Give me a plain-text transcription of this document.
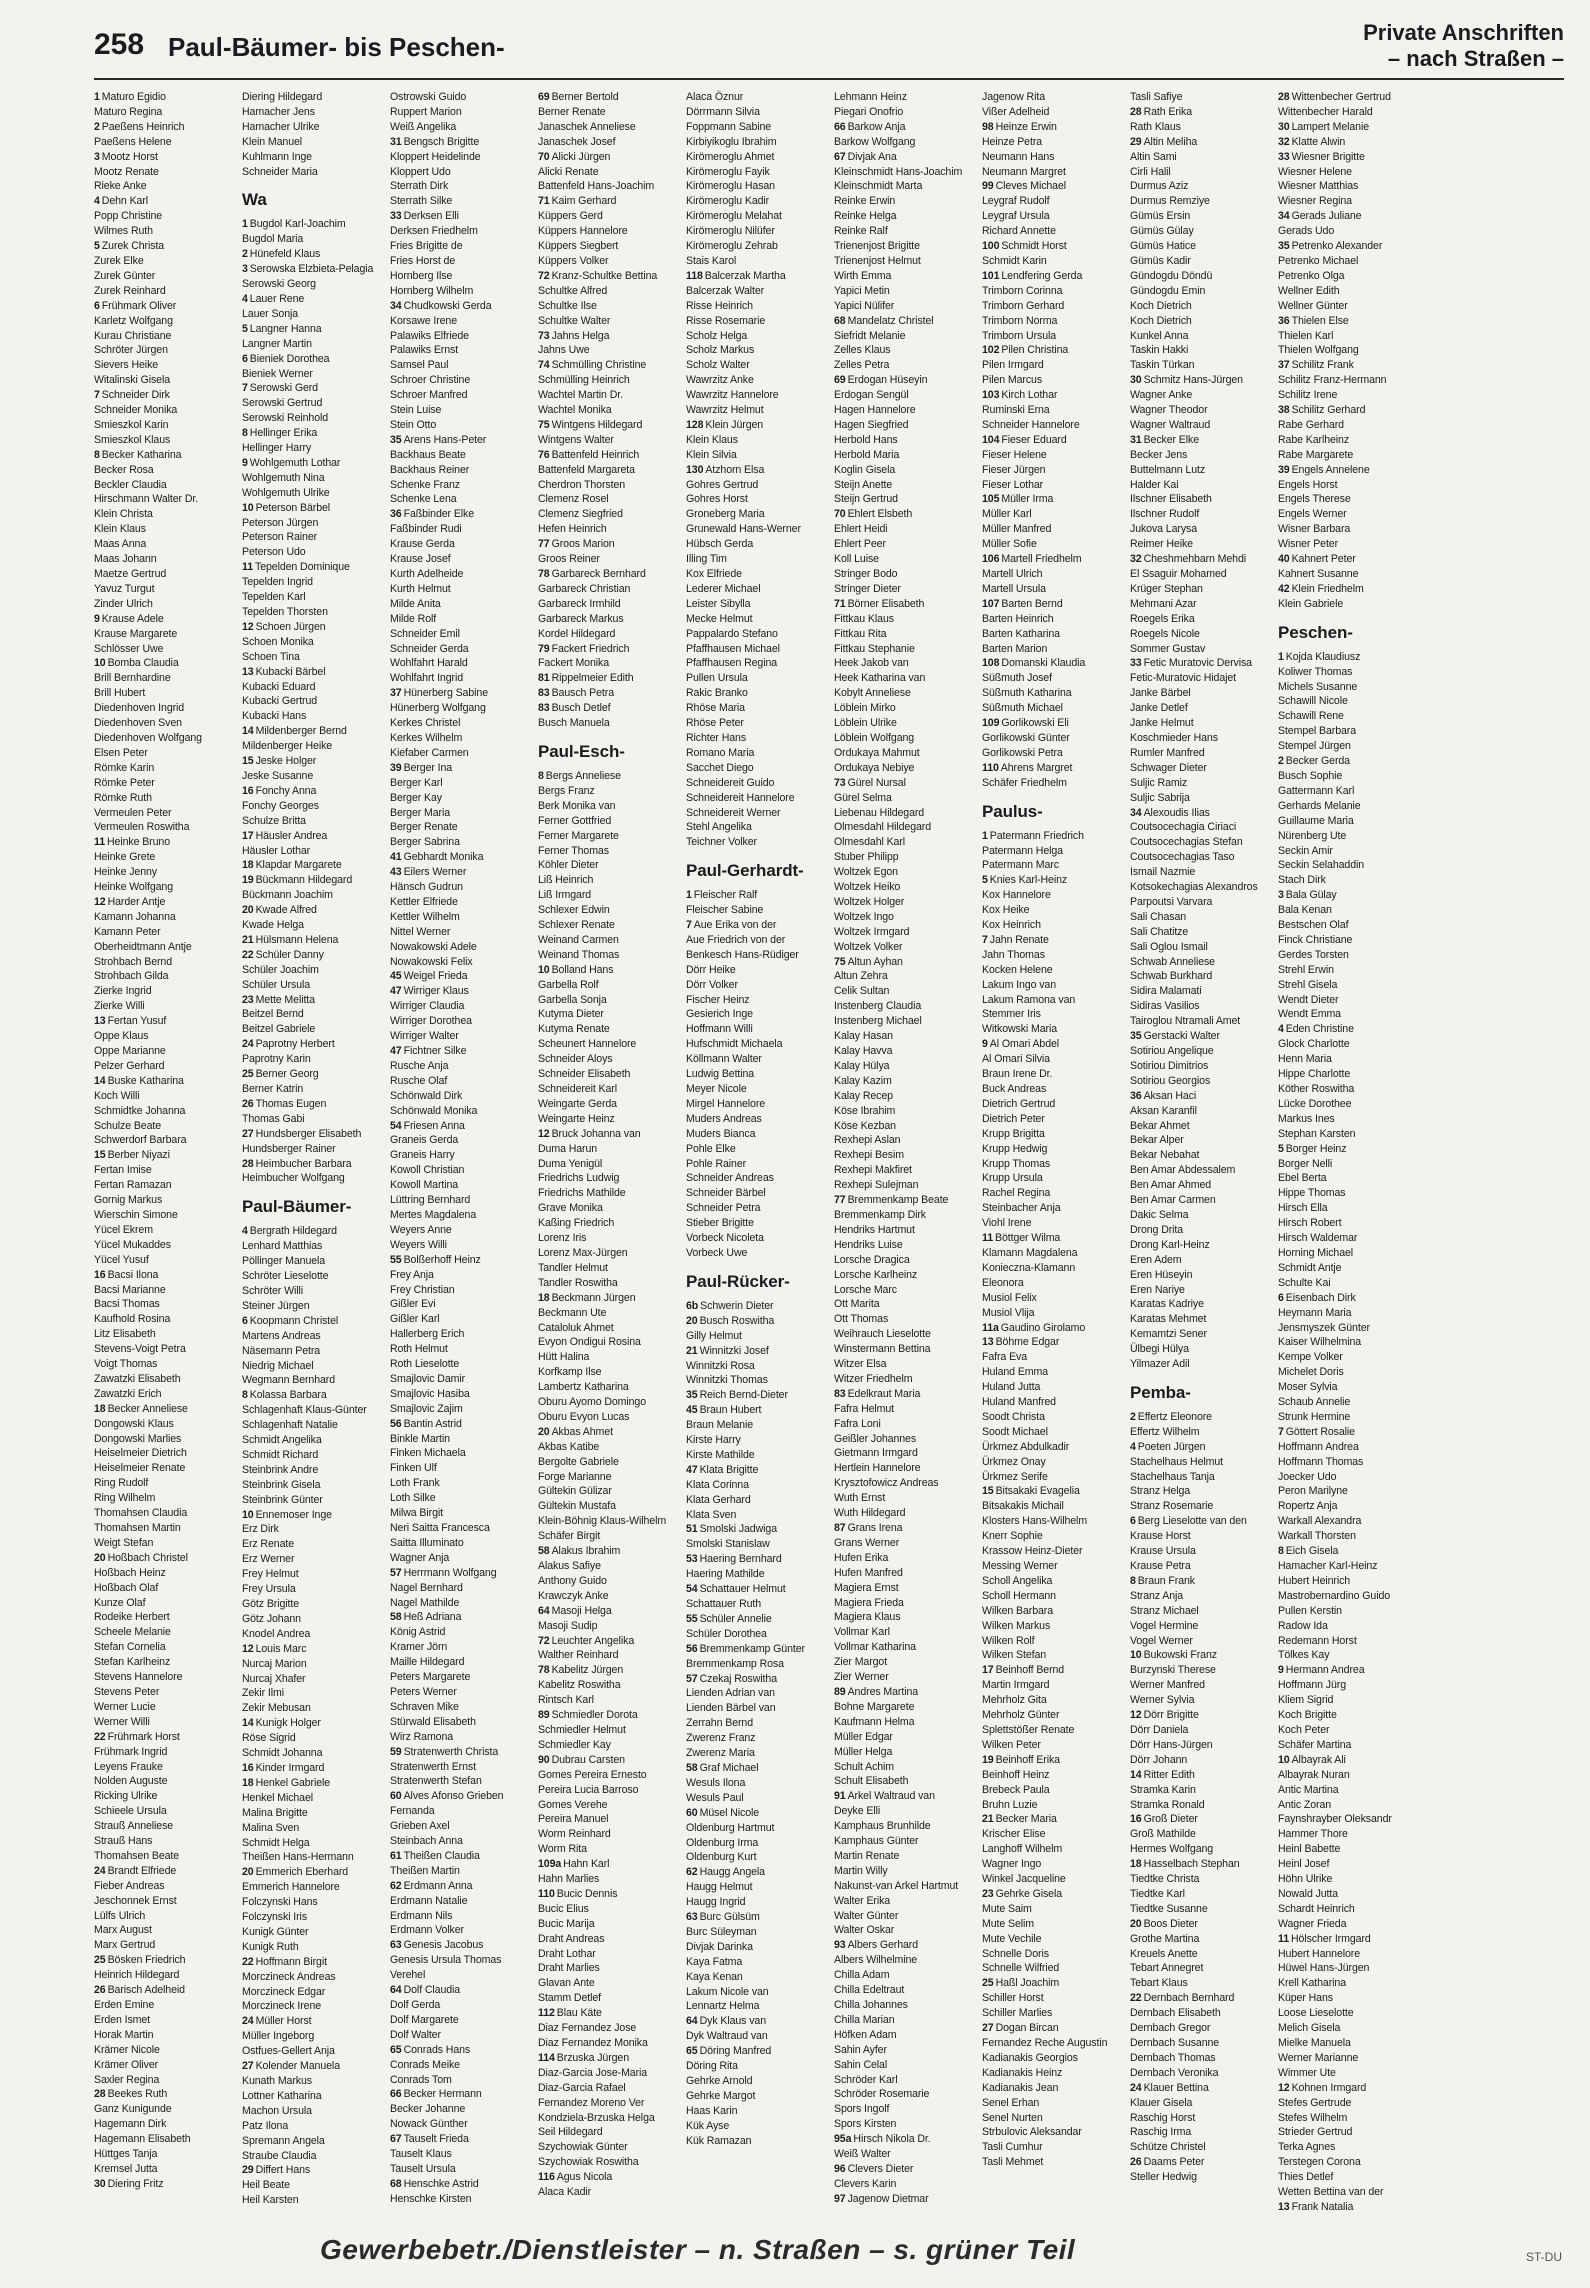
258 Paul-Bäumer- bis Peschen-	Private Anschriften
– nach Straßen –
1 Maturo Egidio
Maturo Regina
2 Paeßens Heinrich
Paeßens Helene
3 Mootz Horst
Mootz Renate
Rieke Anke
4 Dehn Karl
Popp Christine
Wilmes Ruth
5 Zurek Christa
Zurek Elke
Zurek Günter
Zurek Reinhard
6 Frühmark Oliver
Karletz Wolfgang
Kurau Christiane
Schröter Jürgen
Sievers Heike
Witalinski Gisela
7 Schneider Dirk
Schneider Monika
Smieszkol Karin
Smieszkol Klaus
8 Becker Katharina
Becker Rosa
Beckler Claudia
Hirschmann Walter Dr.
Klein Christa
Klein Klaus
Maas Anna
Maas Johann
Maetze Gertrud
Yavuz Turgut
Zinder Ulrich
9 Krause Adele
Krause Margarete
Schlösser Uwe
10 Bomba Claudia
Brill Bernhardine
Brill Hubert
Diedenhoven Ingrid
Diedenhoven Sven
Diedenhoven Wolfgang
Elsen Peter
Römke Karin
Römke Peter
Römke Ruth
Vermeulen Peter
Vermeulen Roswitha
11 Heinke Bruno
Heinke Grete
Heinke Jenny
Heinke Wolfgang
12 Harder Antje
Kamann Johanna
Kamann Peter
Oberheidtmann Antje
Strohbach Bernd
Strohbach Gilda
Zierke Ingrid
Zierke Willi
13 Fertan Yusuf
Oppe Klaus
Oppe Marianne
Pelzer Gerhard
14 Buske Katharina
Koch Willi
Schmidtke Johanna
Schulze Beate
Schwerdorf Barbara
15 Berber Niyazi
Fertan Imise
Fertan Ramazan
Gornig Markus
Wierschin Simone
Yücel Ekrem
Yücel Mukaddes
Yücel Yusuf
16 Bacsi Ilona
Bacsi Marianne
Bacsi Thomas
Kaufhold Rosina
Litz Elisabeth
Stevens-Voigt Petra
Voigt Thomas
Zawatzki Elisabeth
Zawatzki Erich
18 Becker Anneliese
Dongowski Klaus
Dongowski Marlies
Heiselmeier Dietrich
Heiselmeier Renate
Ring Rudolf
Ring Wilhelm
Thomahsen Claudia
Thomahsen Martin
Weigt Stefan
20 Hoßbach Christel
Hoßbach Heinz
Hoßbach Olaf
Kunze Olaf
Rodeike Herbert
Scheele Melanie
Stefan Cornelia
Stefan Karlheinz
Stevens Hannelore
Stevens Peter
Werner Lucie
Werner Willi
22 Frühmark Horst
Frühmark Ingrid
Leyens Frauke
Nolden Auguste
Ricking Ulrike
Schieele Ursula
Strauß Anneliese
Strauß Hans
Thomahsen Beate
24 Brandt Elfriede
Fieber Andreas
Jeschonnek Ernst
Lülfs Ulrich
Marx August
Marx Gertrud
25 Bösken Friedrich
Heinrich Hildegard
26 Barisch Adelheid
Erden Emine
Erden Ismet
Horak Martin
Krämer Nicole
Krämer Oliver
Saxler Regina
28 Beekes Ruth
Ganz Kunigunde
Hagemann Dirk
Hagemann Elisabeth
Hüttges Tanja
Kremsel Jutta
30 Diering Fritz
Diering Hildegard
Hamacher Jens
Hamacher Ulrike
Klein Manuel
Kuhlmann Inge
Schneider Maria
Wa
1 Bugdol Karl-Joachim
Bugdol Maria
2 Hünefeld Klaus
3 Serowska Elzbieta-Pelagia
Serowski Georg
4 Lauer Rene
Lauer Sonja
5 Langner Hanna
Langner Martin
6 Bieniek Dorothea
Bieniek Werner
7 Serowski Gerd
Serowski Gertrud
Serowski Reinhold
8 Hellinger Erika
Hellinger Harry
9 Wohlgemuth Lothar
Wohlgemuth Nina
Wohlgemuth Ulrike
10 Peterson Bärbel
Peterson Jürgen
Peterson Rainer
Peterson Udo
11 Tepelden Dominique
Tepelden Ingrid
Tepelden Karl
Tepelden Thorsten
12 Schoen Jürgen
Schoen Monika
Schoen Tina
13 Kubacki Bärbel
Kubacki Eduard
Kubacki Gertrud
Kubacki Hans
14 Mildenberger Bernd
Mildenberger Heike
15 Jeske Holger
Jeske Susanne
16 Fonchy Anna
Fonchy Georges
Schulze Britta
17 Häusler Andrea
Häusler Lothar
18 Klapdar Margarete
19 Bückmann Hildegard
Bückmann Joachim
20 Kwade Alfred
Kwade Helga
21 Hülsmann Helena
22 Schüler Danny
Schüler Joachim
Schüler Ursula
23 Mette Melitta
Beitzel Bernd
Beitzel Gabriele
24 Paprotny Herbert
Paprotny Karin
25 Berner Georg
Berner Katrin
26 Thomas Eugen
Thomas Gabi
27 Hundsberger Elisabeth
Hundsberger Rainer
28 Heimbucher Barbara
Heimbucher Wolfgang
Paul-Bäumer-
4 Bergrath Hildegard
Lenhard Matthias
Pöllinger Manuela
Schröter Lieselotte
Schröter Willi
Steiner Jürgen
6 Koopmann Christel
Martens Andreas
Näsemann Petra
Niedrig Michael
Wegmann Bernhard
8 Kolassa Barbara
Schlagenhaft Klaus-Günter
Schlagenhaft Natalie
Schmidt Angelika
Schmidt Richard
Steinbrink Andre
Steinbrink Gisela
Steinbrink Günter
10 Ennemoser Inge
Erz Dirk
Erz Renate
Erz Werner
Frey Helmut
Frey Ursula
Götz Brigitte
Götz Johann
Knodel Andrea
12 Louis Marc
Nurcaj Marion
Nurcaj Xhafer
Zekir Ilmi
Zekir Mebusan
14 Kunigk Holger
Röse Sigrid
Schmidt Johanna
16 Kinder Irmgard
18 Henkel Gabriele
Henkel Michael
Malina Brigitte
Malina Sven
Schmidt Helga
Theißen Hans-Hermann
20 Emmerich Eberhard
Emmerich Hannelore
Folczynski Hans
Folczynski Iris
Kunigk Günter
Kunigk Ruth
22 Hoffmann Birgit
Morczineck Andreas
Morczineck Edgar
Morczineck Irene
24 Müller Horst
Müller Ingeborg
Ostfues-Gellert Anja
27 Kolender Manuela
Kunath Markus
Lottner Katharina
Machon Ursula
Patz Ilona
Spremann Angela
Straube Claudia
29 Differt Hans
Heil Beate
Heil Karsten
Ostrowski Guido
Ruppert Marion
Weiß Angelika
31 Bengsch Brigitte
Kloppert Heidelinde
Kloppert Udo
Sterrath Dirk
Sterrath Silke
33 Derksen Elli
Derksen Friedhelm
Fries Brigitte de
Fries Horst de
Hornberg Ilse
Hornberg Wilhelm
34 Chudkowski Gerda
Korsawe Irene
Palawiks Elfriede
Palawiks Ernst
Samsel Paul
Schroer Christine
Schroer Manfred
Stein Luise
Stein Otto
35 Arens Hans-Peter
Backhaus Beate
Backhaus Reiner
Schenke Franz
Schenke Lena
36 Faßbinder Elke
Faßbinder Rudi
Krause Gerda
Krause Josef
Kurth Adelheide
Kurth Helmut
Milde Anita
Milde Rolf
Schneider Emil
Schneider Gerda
Wohlfahrt Harald
Wohlfahrt Ingrid
37 Hünerberg Sabine
Hünerberg Wolfgang
Kerkes Christel
Kerkes Wilhelm
Kiefaber Carmen
39 Berger Ina
Berger Karl
Berger Kay
Berger Maria
Berger Renate
Berger Sabrina
41 Gebhardt Monika
43 Eilers Werner
Hänsch Gudrun
Kettler Elfriede
Kettler Wilhelm
Nittel Werner
Nowakowski Adele
Nowakowski Felix
45 Weigel Frieda
47 Wirriger Klaus
Wirriger Claudia
Wirriger Dorothea
Wirriger Walter
47 Fichtner Silke
Rusche Anja
Rusche Olaf
Schönwald Dirk
Schönwald Monika
54 Friesen Anna
Graneis Gerda
Graneis Harry
Kowoll Christian
Kowoll Martina
Lüttring Bernhard
Mertes Magdalena
Weyers Anne
Weyers Willi
55 Bolßerhoff Heinz
Frey Anja
Frey Christian
Gißler Evi
Gißler Karl
Hallerberg Erich
Roth Helmut
Roth Lieselotte
Smajlovic Damir
Smajlovic Hasiba
Smajlovic Zajim
56 Bantin Astrid
Binkle Martin
Finken Michaela
Finken Ulf
Loth Frank
Loth Silke
Milwa Birgit
Neri Saitta Francesca
Saitta Illuminato
Wagner Anja
57 Herrmann Wolfgang
Nagel Bernhard
Nagel Mathilde
58 Heß Adriana
König Astrid
Kramer Jörn
Maille Hildegard
Peters Margarete
Peters Werner
Schraven Mike
Stürwald Elisabeth
Wirz Ramona
59 Stratenwerth Christa
Stratenwerth Ernst
Stratenwerth Stefan
60 Alves Afonso Grieben
Fernanda
Grieben Axel
Steinbach Anna
61 Theißen Claudia
Theißen Martin
62 Erdmann Anna
Erdmann Natalie
Erdmann Nils
Erdmann Volker
63 Genesis Jacobus
Genesis Ursula Thomas
Verehel
64 Dolf Claudia
Dolf Gerda
Dolf Margarete
Dolf Walter
65 Conrads Hans
Conrads Meike
Conrads Tom
66 Becker Hermann
Becker Johanne
Nowack Günther
67 Tauselt Frieda
Tauselt Klaus
Tauselt Ursula
68 Henschke Astrid
Henschke Kirsten
69 Berner Bertold
Berner Renate
Janaschek Anneliese
Janaschek Josef
70 Alicki Jürgen
Alicki Renate
Battenfeld Hans-Joachim
71 Kaim Gerhard
Küppers Gerd
Küppers Hannelore
Küppers Siegbert
Küppers Volker
72 Kranz-Schultke Bettina
Schultke Alfred
Schultke Ilse
Schultke Walter
73 Jahns Helga
Jahns Uwe
74 Schmülling Christine
Schmülling Heinrich
Wachtel Martin Dr.
Wachtel Monika
75 Wintgens Hildegard
Wintgens Walter
76 Battenfeld Heinrich
Battenfeld Margareta
Cherdron Thorsten
Clemenz Rosel
Clemenz Siegfried
Hefen Heinrich
77 Groos Marion
Groos Reiner
78 Garbareck Bernhard
Garbareck Christian
Garbareck Irmhild
Garbareck Markus
Kordel Hildegard
79 Fackert Friedrich
Fackert Monika
81 Rippelmeier Edith
83 Bausch Petra
83 Busch Detlef
Busch Manuela
Paul-Esch-
8 Bergs Anneliese
Bergs Franz
Berk Monika van
Ferner Gottfried
Ferner Margarete
Ferner Thomas
Köhler Dieter
Liß Heinrich
Liß Irmgard
Schlexer Edwin
Schlexer Renate
Weinand Carmen
Weinand Thomas
10 Bolland Hans
Garbella Rolf
Garbella Sonja
Kutyma Dieter
Kutyma Renate
Scheunert Hannelore
Schneider Aloys
Schneider Elisabeth
Schneidereit Karl
Weingarte Gerda
Weingarte Heinz
12 Bruck Johanna van
Duma Harun
Duma Yenigül
Friedrichs Ludwig
Friedrichs Mathilde
Grave Monika
Kaßing Friedrich
Lorenz Iris
Lorenz Max-Jürgen
Tandler Helmut
Tandler Roswitha
18 Beckmann Jürgen
Beckmann Ute
Cataloluk Ahmet
Evyon Ondigui Rosina
Hütt Halina
Korfkamp Ilse
Lambertz Katharina
Oburu Ayomo Domingo
Oburu Evyon Lucas
20 Akbas Ahmet
Akbas Katibe
Bergolte Gabriele
Forge Marianne
Gültekin Gülizar
Gültekin Mustafa
Klein-Böhnig Klaus-Wilhelm
Schäfer Birgit
58 Alakus Ibrahim
Alakus Safiye
Anthony Guido
Krawczyk Anke
64 Masoji Helga
Masoji Sudip
72 Leuchter Angelika
Walther Reinhard
78 Kabelitz Jürgen
Kabelitz Roswitha
Rintsch Karl
89 Schmiedler Dorota
Schmiedler Helmut
Schmiedler Kay
90 Dubrau Carsten
Gomes Pereira Ernesto
Pereira Lucia Barroso
Gomes Verehe
Pereira Manuel
Worm Reinhard
Worm Rita
109a Hahn Karl
Hahn Marlies
110 Bucic Dennis
Bucic Elius
Bucic Marija
Draht Andreas
Draht Lothar
Draht Marlies
Glavan Ante
Stamm Detlef
112 Blau Käte
Diaz Fernandez Jose
Diaz Fernandez Monika
114 Brzuska Jürgen
Diaz-Garcia Jose-Maria
Diaz-Garcia Rafael
Fernandez Moreno Ver
Kondziela-Brzuska Helga
Seil Hildegard
Szychowiak Günter
Szychowiak Roswitha
116 Agus Nicola
Alaca Kadir
Alaca Öznur
Dörrmann Silvia
Foppmann Sabine
Kirbiyikoglu Ibrahim
Kirömeroglu Ahmet
Kirömeroglu Fayik
Kirömeroglu Hasan
Kirömeroglu Kadir
Kirömeroglu Melahat
Kirömeroglu Nilüfer
Kirömeroglu Zehrab
Stais Karol
118 Balcerzak Martha
Balcerzak Walter
Risse Heinrich
Risse Rosemarie
Scholz Helga
Scholz Markus
Scholz Walter
Wawrzitz Anke
Wawrzitz Hannelore
Wawrzitz Helmut
128 Klein Jürgen
Klein Klaus
Klein Silvia
130 Atzhorn Elsa
Gohres Gertrud
Gohres Horst
Groneberg Maria
Grunewald Hans-Werner
Hübsch Gerda
Illing Tim
Kox Elfriede
Lederer Michael
Leister Sibylla
Mecke Helmut
Pappalardo Stefano
Pfaffhausen Michael
Pfaffhausen Regina
Pullen Ursula
Rakic Branko
Rhöse Maria
Rhöse Peter
Richter Hans
Romano Maria
Sacchet Diego
Schneidereit Guido
Schneidereit Hannelore
Schneidereit Werner
Stehl Angelika
Teichner Volker
Paul-Gerhardt-
1 Fleischer Ralf
Fleischer Sabine
7 Aue Erika von der
Aue Friedrich von der
Benkesch Hans-Rüdiger
Dörr Heike
Dörr Volker
Fischer Heinz
Gesierich Inge
Hoffmann Willi
Hufschmidt Michaela
Köllmann Walter
Ludwig Bettina
Meyer Nicole
Mirgel Hannelore
Muders Andreas
Muders Bianca
Pohle Elke
Pohle Rainer
Schneider Andreas
Schneider Bärbel
Schneider Petra
Stieber Brigitte
Vorbeck Nicoleta
Vorbeck Uwe
Paul-Rücker-
6b Schwerin Dieter
20 Busch Roswitha
Gilly Helmut
21 Winnitzki Josef
Winnitzki Rosa
Winnitzki Thomas
35 Reich Bernd-Dieter
45 Braun Hubert
Braun Melanie
Kirste Harry
Kirste Mathilde
47 Klata Brigitte
Klata Corinna
Klata Gerhard
Klata Sven
51 Smolski Jadwiga
Smolski Stanislaw
53 Haering Bernhard
Haering Mathilde
54 Schattauer Helmut
Schattauer Ruth
55 Schüler Annelie
Schüler Dorothea
56 Bremmenkamp Günter
Bremmenkamp Rosa
57 Czekaj Roswitha
Lienden Adrian van
Lienden Bärbel van
Zerrahn Bernd
Zwerenz Franz
Zwerenz Maria
58 Graf Michael
Wesuls Ilona
Wesuls Paul
60 Müsel Nicole
Oldenburg Hartmut
Oldenburg Irma
Oldenburg Kurt
62 Haugg Angela
Haugg Helmut
Haugg Ingrid
63 Burc Gülsüm
Burc Süleyman
Divjak Darinka
Kaya Fatma
Kaya Kenan
Lakum Nicole van
Lennartz Helma
64 Dyk Klaus van
Dyk Waltraud van
65 Döring Manfred
Döring Rita
Gehrke Arnold
Gehrke Margot
Haas Karin
Kük Ayse
Kük Ramazan
Lehmann Heinz
Piegari Onofrio
66 Barkow Anja
Barkow Wolfgang
67 Divjak Ana
Kleinschmidt Hans-Joachim
Kleinschmidt Marta
Reinke Erwin
Reinke Helga
Reinke Ralf
Trienenjost Brigitte
Trienenjost Helmut
Wirth Emma
Yapici Metin
Yapici Nülifer
68 Mandelatz Christel
Siefridt Melanie
Zelles Klaus
Zelles Petra
69 Erdogan Hüseyin
Erdogan Sengül
Hagen Hannelore
Hagen Siegfried
Herbold Hans
Herbold Maria
Koglin Gisela
Steijn Anette
Steijn Gertrud
70 Ehlert Elsbeth
Ehlert Heidi
Ehlert Peer
Koll Luise
Stringer Bodo
Stringer Dieter
71 Börner Elisabeth
Fittkau Klaus
Fittkau Rita
Fittkau Stephanie
Heek Jakob van
Heek Katharina van
Kobylt Anneliese
Löblein Mirko
Löblein Ulrike
Löblein Wolfgang
Ordukaya Mahmut
Ordukaya Nebiye
73 Gürel Nursal
Gürel Selma
Liebenau Hildegard
Olmesdahl Hildegard
Olmesdahl Karl
Stuber Philipp
Woltzek Egon
Woltzek Heiko
Woltzek Holger
Woltzek Ingo
Woltzek Irmgard
Woltzek Volker
75 Altun Ayhan
Altun Zehra
Celik Sultan
Instenberg Claudia
Instenberg Michael
Kalay Hasan
Kalay Havva
Kalay Hülya
Kalay Kazim
Kalay Recep
Köse Ibrahim
Köse Kezban
Rexhepi Aslan
Rexhepi Besim
Rexhepi Makfiret
Rexhepi Sulejman
77 Bremmenkamp Beate
Bremmenkamp Dirk
Hendriks Hartmut
Hendriks Luise
Lorsche Dragica
Lorsche Karlheinz
Lorsche Marc
Ott Marita
Ott Thomas
Weihrauch Lieselotte
Winstermann Bettina
Witzer Elsa
Witzer Friedhelm
83 Edelkraut Maria
Fafra Helmut
Fafra Loni
Geißler Johannes
Gietmann Irmgard
Hertlein Hannelore
Krysztofowicz Andreas
Wuth Ernst
Wuth Hildegard
87 Grans Irena
Grans Werner
Hufen Erika
Hufen Manfred
Magiera Ernst
Magiera Frieda
Magiera Klaus
Vollmar Karl
Vollmar Katharina
Zier Margot
Zier Werner
89 Andres Martina
Bohne Margarete
Kaufmann Helma
Müller Edgar
Müller Helga
Schult Achim
Schult Elisabeth
91 Arkel Waltraud van
Deyke Elli
Kamphaus Brunhilde
Kamphaus Günter
Martin Renate
Martin Willy
Nakunst-van Arkel Hartmut
Walter Erika
Walter Günter
Walter Oskar
93 Albers Gerhard
Albers Wilhelmine
Chilla Adam
Chilla Edeltraut
Chilla Johannes
Chilla Marian
Höfken Adam
Sahin Ayfer
Sahin Celal
Schröder Karl
Schröder Rosemarie
Spors Ingolf
Spors Kirsten
95a Hirsch Nikola Dr.
Weiß Walter
96 Clevers Dieter
Clevers Karin
97 Jagenow Dietmar
Jagenow Rita
Vißer Adelheid
98 Heinze Erwin
Heinze Petra
Neumann Hans
Neumann Margret
99 Cleves Michael
Leygraf Rudolf
Leygraf Ursula
Richard Annette
100 Schmidt Horst
Schmidt Karin
101 Lendfering Gerda
Trimborn Corinna
Trimborn Gerhard
Trimborn Norma
Trimborn Ursula
102 Pilen Christina
Pilen Irmgard
Pilen Marcus
103 Kirch Lothar
Ruminski Erna
Schneider Hannelore
104 Fieser Eduard
Fieser Helene
Fieser Jürgen
Fieser Lothar
105 Müller Irma
Müller Karl
Müller Manfred
Müller Sofie
106 Martell Friedhelm
Martell Ulrich
Martell Ursula
107 Barten Bernd
Barten Heinrich
Barten Katharina
Barten Marion
108 Domanski Klaudia
Süßmuth Josef
Süßmuth Katharina
Süßmuth Michael
109 Gorlikowski Eli
Gorlikowski Günter
Gorlikowski Petra
110 Ahrens Margret
Schäfer Friedhelm
Paulus-
1 Patermann Friedrich
Patermann Helga
Patermann Marc
5 Knies Karl-Heinz
Kox Hannelore
Kox Heike
Kox Heinrich
7 Jahn Renate
Jahn Thomas
Kocken Helene
Lakum Ingo van
Lakum Ramona van
Stemmer Iris
Witkowski Maria
9 Al Omari Abdel
Al Omari Silvia
Braun Irene Dr.
Buck Andreas
Dietrich Gertrud
Dietrich Peter
Krupp Brigitta
Krupp Hedwig
Krupp Thomas
Krupp Ursula
Rachel Regina
Steinbacher Anja
Viohl Irene
11 Böttger Wilma
Klamann Magdalena
Konieczna-Klamann
Eleonora
Musiol Felix
Musiol Vlija
11a Gaudino Girolamo
13 Böhme Edgar
Fafra Eva
Huland Emma
Huland Jutta
Huland Manfred
Soodt Christa
Soodt Michael
Ürkmez Abdulkadir
Ürkmez Onay
Ürkmez Serife
15 Bitsakaki Evagelia
Bitsakakis Michail
Klosters Hans-Wilhelm
Knerr Sophie
Krassow Heinz-Dieter
Messing Werner
Scholl Angelika
Scholl Hermann
Wilken Barbara
Wilken Markus
Wilken Rolf
Wilken Stefan
17 Beinhoff Bernd
Martin Irmgard
Mehrholz Gita
Mehrholz Günter
Splettstößer Renate
Wilken Peter
19 Beinhoff Erika
Beinhoff Heinz
Brebeck Paula
Bruhn Luzie
21 Becker Maria
Krischer Elise
Langhoff Wilhelm
Wagner Ingo
Winkel Jacqueline
23 Gehrke Gisela
Mute Saim
Mute Selim
Mute Vechile
Schnelle Doris
Schnelle Wilfried
25 Haßl Joachim
Schiller Horst
Schiller Marlies
27 Dogan Bircan
Fernandez Reche Augustin
Kadianakis Georgios
Kadianakis Heinz
Kadianakis Jean
Senel Erhan
Senel Nurten
Strbulovic Aleksandar
Tasli Cumhur
Tasli Mehmet
Tasli Safiye
28 Rath Erika
Rath Klaus
29 Altin Meliha
Altin Sami
Cirli Halil
Durmus Aziz
Durmus Remziye
Gümüs Ersin
Gümüs Gülay
Gümüs Hatice
Gümüs Kadir
Gündogdu Döndü
Gündogdu Emin
Koch Dietrich
Koch Dietrich
Kunkel Anna
Taskin Hakki
Taskin Türkan
30 Schmitz Hans-Jürgen
Wagner Anke
Wagner Theodor
Wagner Waltraud
31 Becker Elke
Becker Jens
Buttelmann Lutz
Halder Kai
Ilschner Elisabeth
Ilschner Rudolf
Jukova Larysa
Reimer Heike
32 Cheshmehbarn Mehdi
El Ssaguir Mohamed
Krüger Stephan
Mehmani Azar
Roegels Erika
Roegels Nicole
Sommer Gustav
33 Fetic Muratovic Dervisa
Fetic-Muratovic Hidajet
Janke Bärbel
Janke Detlef
Janke Helmut
Koschmieder Hans
Rumler Manfred
Schwager Dieter
Suljic Ramiz
Suljic Sabrija
34 Alexoudis Ilias
Coutsocechagia Ciriaci
Coutsocechagias Stefan
Coutsocechagias Taso
Ismail Nazmie
Kotsokechagias Alexandros
Parpoutsi Varvara
Sali Chasan
Sali Chatitze
Sali Oglou Ismail
Schwab Anneliese
Schwab Burkhard
Sidira Malamati
Sidiras Vasilios
Tairoglou Ntramali Amet
35 Gerstacki Walter
Sotiriou Angelique
Sotiriou Dimitrios
Sotiriou Georgios
36 Aksan Haci
Aksan Karanfil
Bekar Ahmet
Bekar Alper
Bekar Nebahat
Ben Amar Abdessalem
Ben Amar Ahmed
Ben Amar Carmen
Dakic Selma
Drong Drita
Drong Karl-Heinz
Eren Adem
Eren Hüseyin
Eren Nariye
Karatas Kadriye
Karatas Mehmet
Kemamtzi Sener
Ülbegi Hülya
Yilmazer Adil
Pemba-
2 Effertz Eleonore
Effertz Wilhelm
4 Poeten Jürgen
Stachelhaus Helmut
Stachelhaus Tanja
Stranz Helga
Stranz Rosemarie
6 Berg Lieselotte van den
Krause Horst
Krause Ursula
Krause Petra
8 Braun Frank
Stranz Anja
Stranz Michael
Vogel Hermine
Vogel Werner
10 Bukowski Franz
Burzynski Therese
Werner Manfred
Werner Sylvia
12 Dörr Brigitte
Dörr Daniela
Dörr Hans-Jürgen
Dörr Johann
14 Ritter Edith
Stramka Karin
Stramka Ronald
16 Groß Dieter
Groß Mathilde
Hermes Wolfgang
18 Hasselbach Stephan
Tiedtke Christa
Tiedtke Karl
Tiedtke Susanne
20 Boos Dieter
Grothe Martina
Kreuels Anette
Tebart Annegret
Tebart Klaus
22 Dernbach Bernhard
Dernbach Elisabeth
Dernbach Gregor
Dernbach Susanne
Dernbach Thomas
Dernbach Veronika
24 Klauer Bettina
Klauer Gisela
Raschig Horst
Raschig Irma
Schütze Christel
26 Daams Peter
Steller Hedwig
28 Wittenbecher Gertrud
Wittenbecher Harald
30 Lampert Melanie
32 Klatte Alwin
33 Wiesner Brigitte
Wiesner Helene
Wiesner Matthias
Wiesner Regina
34 Gerads Juliane
Gerads Udo
35 Petrenko Alexander
Petrenko Michael
Petrenko Olga
Wellner Edith
Wellner Günter
36 Thielen Else
Thielen Karl
Thielen Wolfgang
37 Schilitz Frank
Schilitz Franz-Hermann
Schilitz Irene
38 Schilitz Gerhard
Rabe Gerhard
Rabe Karlheinz
Rabe Margarete
39 Engels Annelene
Engels Horst
Engels Therese
Engels Werner
Wisner Barbara
Wisner Peter
40 Kahnert Peter
Kahnert Susanne
42 Klein Friedhelm
Klein Gabriele
Peschen-
1 Kojda Klaudiusz
Koliwer Thomas
Michels Susanne
Schawill Nicole
Schawill Rene
Stempel Barbara
Stempel Jürgen
2 Becker Gerda
Busch Sophie
Gattermann Karl
Gerhards Melanie
Guillaume Maria
Nürenberg Ute
Seckin Amir
Seckin Selahaddin
Stach Dirk
3 Bala Gülay
Bala Kenan
Bestschen Olaf
Finck Christiane
Gerdes Torsten
Strehl Erwin
Strehl Gisela
Wendt Dieter
Wendt Emma
4 Eden Christine
Glock Charlotte
Henn Maria
Hippe Charlotte
Köther Roswitha
Lücke Dorothee
Markus Ines
Stephan Karsten
5 Borger Heinz
Borger Nelli
Ebel Berta
Hippe Thomas
Hirsch Ella
Hirsch Robert
Hirsch Waldemar
Horning Michael
Schmidt Antje
Schulte Kai
6 Eisenbach Dirk
Heymann Maria
Jensmyszek Günter
Kaiser Wilhelmina
Kempe Volker
Michelet Doris
Moser Sylvia
Schaub Annelie
Strunk Hermine
7 Göttert Rosalie
Hoffmann Andrea
Hoffmann Thomas
Joecker Udo
Peron Marilyne
Ropertz Anja
Warkall Alexandra
Warkall Thorsten
8 Eich Gisela
Hamacher Karl-Heinz
Hubert Heinrich
Mastrobernardino Guido
Pullen Kerstin
Radow Ida
Redemann Horst
Tölkes Kay
9 Hermann Andrea
Hoffmann Jürg
Kliem Sigrid
Koch Brigitte
Koch Peter
Schäfer Martina
10 Albayrak Ali
Albayrak Nuran
Antic Martina
Antic Zoran
Faynshrayber Oleksandr
Hammer Thore
Heinl Babette
Heinl Josef
Höhn Ulrike
Nowald Jutta
Schardt Heinrich
Wagner Frieda
11 Hölscher Irmgard
Hubert Hannelore
Hüwel Hans-Jürgen
Krell Katharina
Küper Hans
Loose Lieselotte
Melich Gisela
Mielke Manuela
Werner Marianne
Wimmer Ute
12 Kohnen Irmgard
Stefes Gertrude
Stefes Wilhelm
Strieder Gertrud
Terka Agnes
Terstegen Corona
Thies Detlef
Wetten Bettina van der
13 Frank Natalia
Gewerbebetr./Dienstleister – n. Straßen – s. grüner Teil	ST-DU
